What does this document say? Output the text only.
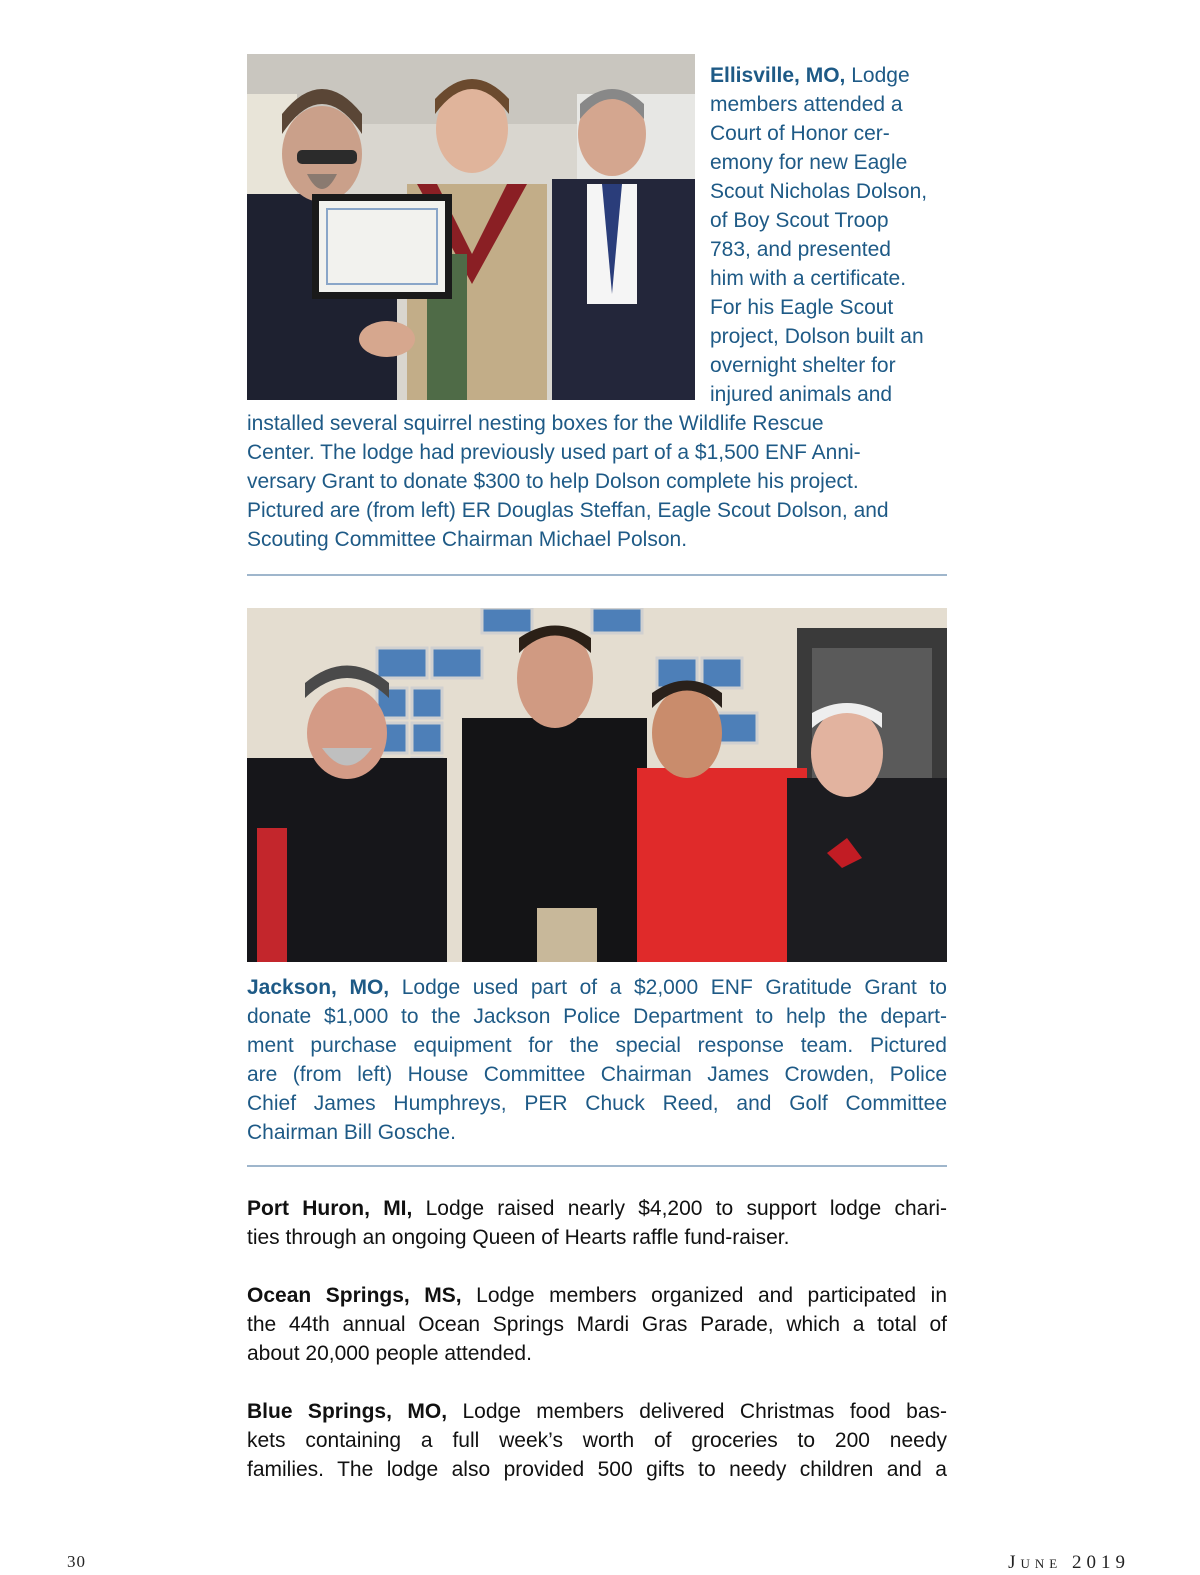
Ellisville, MO, Lodge
members attended a
Court of Honor cer-
emony for new Eagle
Scout Nicholas Dolson,
of Boy Scout Troop
783, and presented
him with a certificate.
For his Eagle Scout
project, Dolson built an
overnight shelter for
injured animals and
installed several squirrel nesting boxes for the Wildlife Rescue
Center. The lodge had previously used part of a $1,500 ENF Anni-
versary Grant to donate $300 to help Dolson complete his project.
Pictured are (from left) ER Douglas Steffan, Eagle Scout Dolson, and
Scouting Committee Chairman Michael Polson.
Jackson, MO, Lodge used part of a $2,000 ENF Gratitude Grant to
donate $1,000 to the Jackson Police Department to help the depart-
ment purchase equipment for the special response team. Pictured
are (from left) House Committee Chairman James Crowden, Police
Chief James Humphreys, PER Chuck Reed, and Golf Committee
Chairman Bill Gosche.
Port Huron, MI, Lodge raised nearly $4,200 to support lodge chari-
ties through an ongoing Queen of Hearts raffle fund-raiser.
Ocean Springs, MS, Lodge members organized and participated in
the 44th annual Ocean Springs Mardi Gras Parade, which a total of
about 20,000 people attended.
Blue Springs, MO, Lodge members delivered Christmas food bas-
kets containing a full week’s worth of groceries to 200 needy
families. The lodge also provided 500 gifts to needy children and a
30	June 2019
